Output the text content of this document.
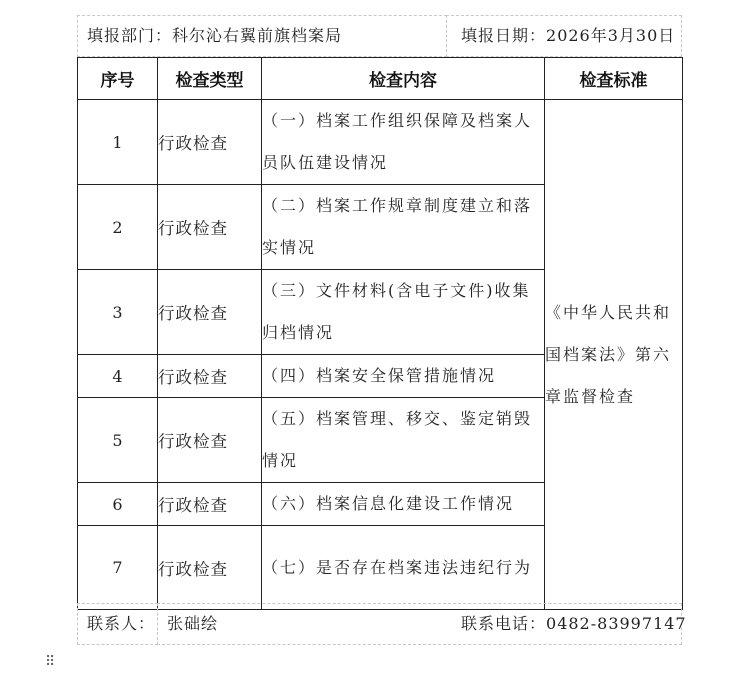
填报部门：科尔沁右翼前旗档案局	填报日期：2026年3月30日
序号	检查类型	检查内容	检查标准
1	行政检查	（一）档案工作组织保障及档案人员队伍建设情况	《中华人民共和国档案法》第六章监督检查
2	行政检查	（二）档案工作规章制度建立和落实情况	

3	行政检查	（三）文件材料(含电子文件)收集归档情况	

4	行政检查	（四）档案安全保管措施情况	

5	行政检查	（五）档案管理、移交、鉴定销毁情况	

6	行政检查	（六）档案信息化建设工作情况	

7	行政检查	（七）是否存在档案违法违纪行为	
联系人： 张础绘	联系电话：0482-83997147
⠿
